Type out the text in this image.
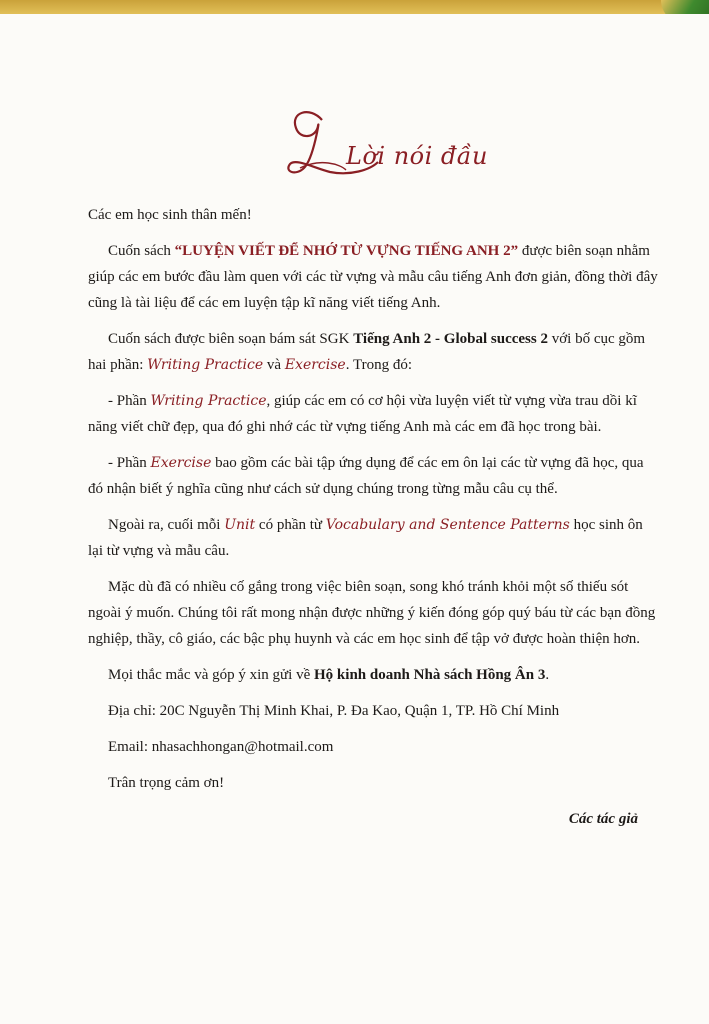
Lời nói đầu

Các em học sinh thân mến!

Cuốn sách “LUYỆN VIẾT ĐỂ NHỚ TỪ VỰNG TIẾNG ANH 2” được biên soạn nhằm giúp các em bước đầu làm quen với các từ vựng và mẫu câu tiếng Anh đơn giản, đồng thời đây cũng là tài liệu để các em luyện tập kĩ năng viết tiếng Anh.

Cuốn sách được biên soạn bám sát SGK Tiếng Anh 2 - Global success 2 với bố cục gồm hai phần: Writing Practice và Exercise. Trong đó:

- Phần Writing Practice, giúp các em có cơ hội vừa luyện viết từ vựng vừa trau dồi kĩ năng viết chữ đẹp, qua đó ghi nhớ các từ vựng tiếng Anh mà các em đã học trong bài.

- Phần Exercise bao gồm các bài tập ứng dụng để các em ôn lại các từ vựng đã học, qua đó nhận biết ý nghĩa cũng như cách sử dụng chúng trong từng mẫu câu cụ thể.

Ngoài ra, cuối mỗi Unit có phần từ Vocabulary and Sentence Patterns học sinh ôn lại từ vựng và mẫu câu.

Mặc dù đã có nhiều cố gắng trong việc biên soạn, song khó tránh khỏi một số thiếu sót ngoài ý muốn. Chúng tôi rất mong nhận được những ý kiến đóng góp quý báu từ các bạn đồng nghiệp, thầy, cô giáo, các bậc phụ huynh và các em học sinh để tập vở được hoàn thiện hơn.

Mọi thắc mắc và góp ý xin gửi về Hộ kinh doanh Nhà sách Hồng Ân 3.

Địa chỉ: 20C Nguyễn Thị Minh Khai, P. Đa Kao, Quận 1, TP. Hồ Chí Minh

Email: nhasachhongan@hotmail.com

Trân trọng cảm ơn!

Các tác giả
